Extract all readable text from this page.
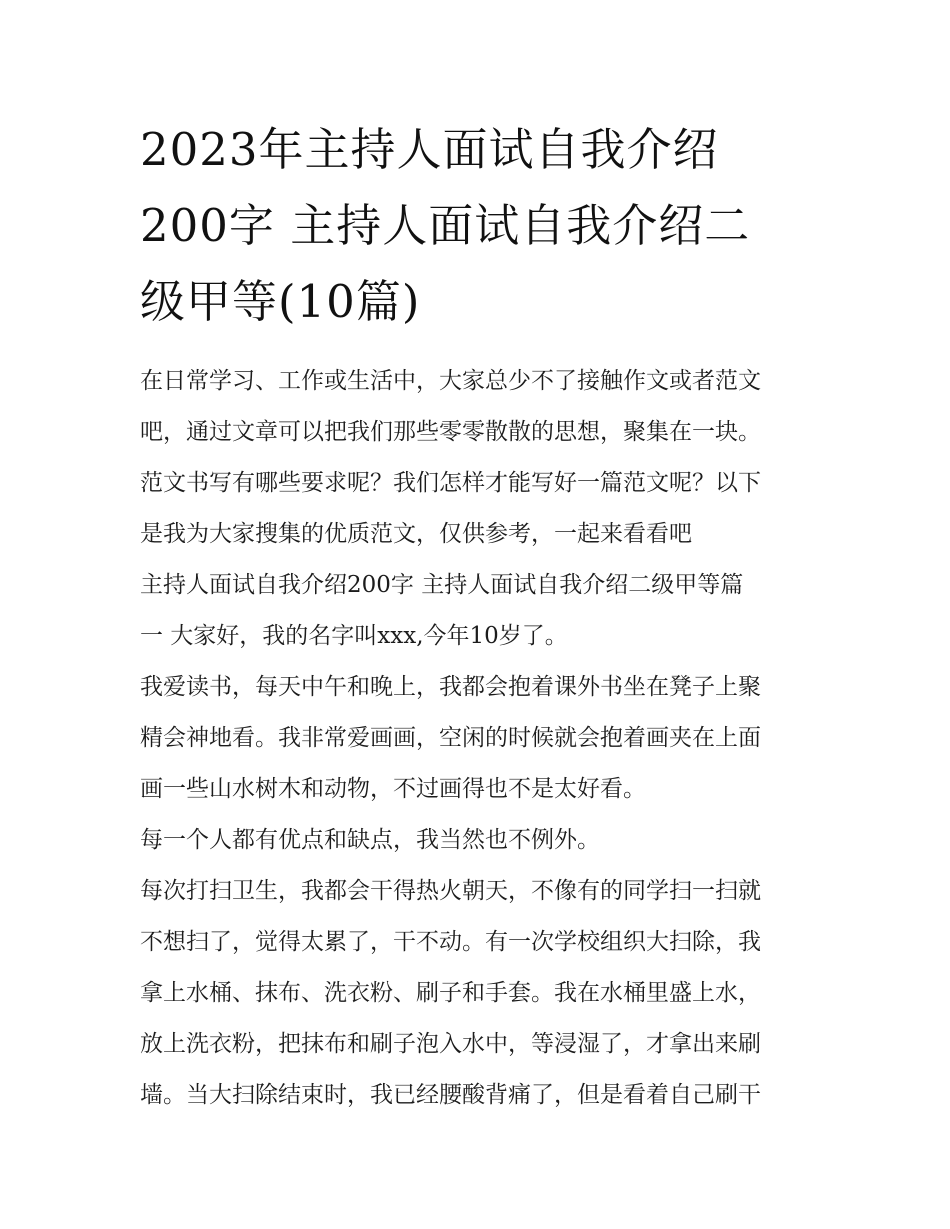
2023年主持人面试自我介绍
200字 主持人面试自我介绍二
级甲等(10篇)

在日常学习、工作或生活中，大家总少不了接触作文或者范文
吧，通过文章可以把我们那些零零散散的思想，聚集在一块。
范文书写有哪些要求呢？我们怎样才能写好一篇范文呢？以下
是我为大家搜集的优质范文，仅供参考，一起来看看吧

主持人面试自我介绍200字 主持人面试自我介绍二级甲等篇
一 大家好，我的名字叫xxx,今年10岁了。

我爱读书，每天中午和晚上，我都会抱着课外书坐在凳子上聚
精会神地看。我非常爱画画，空闲的时候就会抱着画夹在上面
画一些山水树木和动物，不过画得也不是太好看。

每一个人都有优点和缺点，我当然也不例外。

每次打扫卫生，我都会干得热火朝天，不像有的同学扫一扫就
不想扫了，觉得太累了，干不动。有一次学校组织大扫除，我
拿上水桶、抹布、洗衣粉、刷子和手套。我在水桶里盛上水，
放上洗衣粉，把抹布和刷子泡入水中，等浸湿了，才拿出来刷
墙。当大扫除结束时，我已经腰酸背痛了，但是看着自己刷干
